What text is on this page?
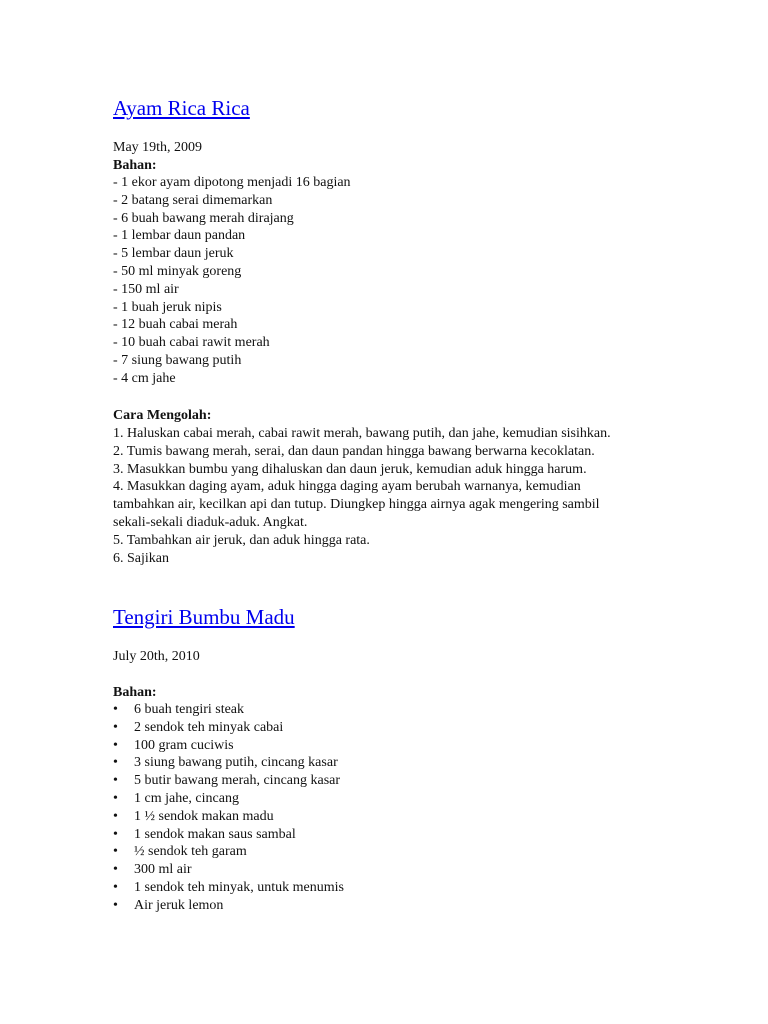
Ayam Rica Rica
May 19th, 2009
Bahan:
- 1 ekor ayam dipotong menjadi 16 bagian
- 2 batang serai dimemarkan
- 6 buah bawang merah dirajang
- 1 lembar daun pandan
- 5 lembar daun jeruk
- 50 ml minyak goreng
- 150 ml air
- 1 buah jeruk nipis
- 12 buah cabai merah
- 10 buah cabai rawit merah
- 7 siung bawang putih
- 4 cm jahe
Cara Mengolah:
1. Haluskan cabai merah, cabai rawit merah, bawang putih, dan jahe, kemudian sisihkan.
2. Tumis bawang merah, serai, dan daun pandan hingga bawang berwarna kecoklatan.
3. Masukkan bumbu yang dihaluskan dan daun jeruk, kemudian aduk hingga harum.
4. Masukkan daging ayam, aduk hingga daging ayam berubah warnanya, kemudian
tambahkan air, kecilkan api dan tutup. Diungkep hingga airnya agak mengering sambil
sekali-sekali diaduk-aduk. Angkat.
5. Tambahkan air jeruk, dan aduk hingga rata.
6. Sajikan
Tengiri Bumbu Madu
July 20th, 2010
Bahan:
•	6 buah tengiri steak
•	2 sendok teh minyak cabai
•	100 gram cuciwis
•	3 siung bawang putih, cincang kasar
•	5 butir bawang merah, cincang kasar
•	1 cm jahe, cincang
•	1 ½ sendok makan madu
•	1 sendok makan saus sambal
•	½ sendok teh garam
•	300 ml air
•	1 sendok teh minyak, untuk menumis
•	Air jeruk lemon
